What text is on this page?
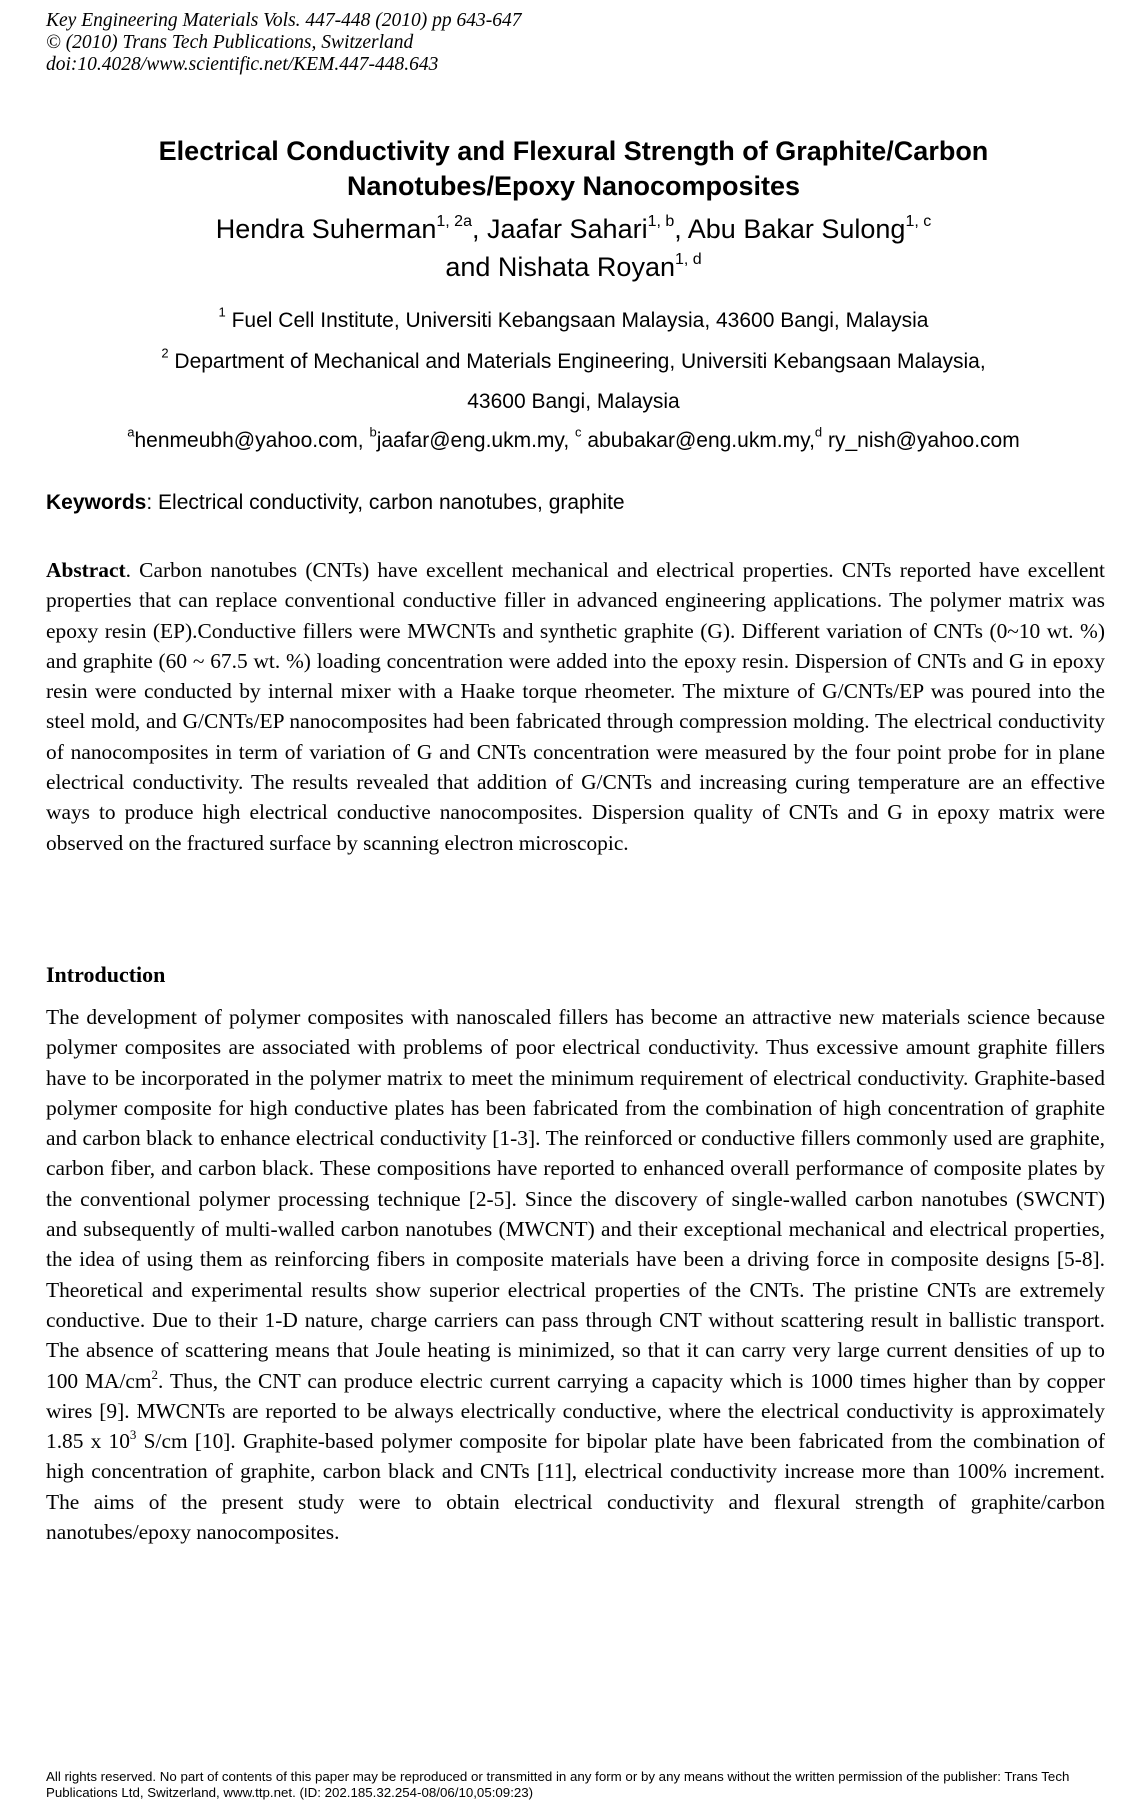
Key Engineering Materials Vols. 447-448 (2010) pp 643-647
© (2010) Trans Tech Publications, Switzerland
doi:10.4028/www.scientific.net/KEM.447-448.643
Electrical Conductivity and Flexural Strength of Graphite/Carbon
Nanotubes/Epoxy Nanocomposites
Hendra Suherman$^{1, 2a}$, Jaafar Sahari$^{1, b}$, Abu Bakar Sulong$^{1, c}$
and Nishata Royan$^{1, d}$
$^1$ Fuel Cell Institute, Universiti Kebangsaan Malaysia, 43600 Bangi, Malaysia
$^2$ Department of Mechanical and Materials Engineering, Universiti Kebangsaan Malaysia,
43600 Bangi, Malaysia
$^a$henmeubh@yahoo.com, $^b$jaafar@eng.ukm.my, $^c$ abubakar@eng.ukm.my,$^d$ ry_nish@yahoo.com
Keywords: Electrical conductivity, carbon nanotubes, graphite
Abstract. Carbon nanotubes (CNTs) have excellent mechanical and electrical properties. CNTs reported have excellent properties that can replace conventional conductive filler in advanced engineering applications. The polymer matrix was epoxy resin (EP).Conductive fillers were MWCNTs and synthetic graphite (G). Different variation of CNTs (0~10 wt. %) and graphite (60 ~ 67.5 wt. %) loading concentration were added into the epoxy resin. Dispersion of CNTs and G in epoxy resin were conducted by internal mixer with a Haake torque rheometer. The mixture of G/CNTs/EP was poured into the steel mold, and G/CNTs/EP nanocomposites had been fabricated through compression molding. The electrical conductivity of nanocomposites in term of variation of G and CNTs concentration were measured by the four point probe for in plane electrical conductivity. The results revealed that addition of G/CNTs and increasing curing temperature are an effective ways to produce high electrical conductive nanocomposites. Dispersion quality of CNTs and G in epoxy matrix were observed on the fractured surface by scanning electron microscopic.
Introduction
The development of polymer composites with nanoscaled fillers has become an attractive new materials science because polymer composites are associated with problems of poor electrical conductivity. Thus excessive amount graphite fillers have to be incorporated in the polymer matrix to meet the minimum requirement of electrical conductivity. Graphite-based polymer composite for high conductive plates has been fabricated from the combination of high concentration of graphite and carbon black to enhance electrical conductivity [1-3]. The reinforced or conductive fillers commonly used are graphite, carbon fiber, and carbon black. These compositions have reported to enhanced overall performance of composite plates by the conventional polymer processing technique [2-5]. Since the discovery of single-walled carbon nanotubes (SWCNT) and subsequently of multi-walled carbon nanotubes (MWCNT) and their exceptional mechanical and electrical properties, the idea of using them as reinforcing fibers in composite materials have been a driving force in composite designs [5-8]. Theoretical and experimental results show superior electrical properties of the CNTs. The pristine CNTs are extremely conductive. Due to their 1-D nature, charge carriers can pass through CNT without scattering result in ballistic transport. The absence of scattering means that Joule heating is minimized, so that it can carry very large current densities of up to 100 $MA/cm^2$. Thus, the CNT can produce electric current carrying a capacity which is 1000 times higher than by copper wires [9]. MWCNTs are reported to be always electrically conductive, where the electrical conductivity is approximately 1.85 x $10^3$ S/cm [10]. Graphite-based polymer composite for bipolar plate have been fabricated from the combination of high concentration of graphite, carbon black and CNTs [11], electrical conductivity increase more than 100% increment. The aims of the present study were to obtain electrical conductivity and flexural strength of graphite/carbon nanotubes/epoxy nanocomposites.
All rights reserved. No part of contents of this paper may be reproduced or transmitted in any form or by any means without the written permission of the publisher: Trans Tech Publications Ltd, Switzerland, www.ttp.net. (ID: 202.185.32.254-08/06/10,05:09:23)
